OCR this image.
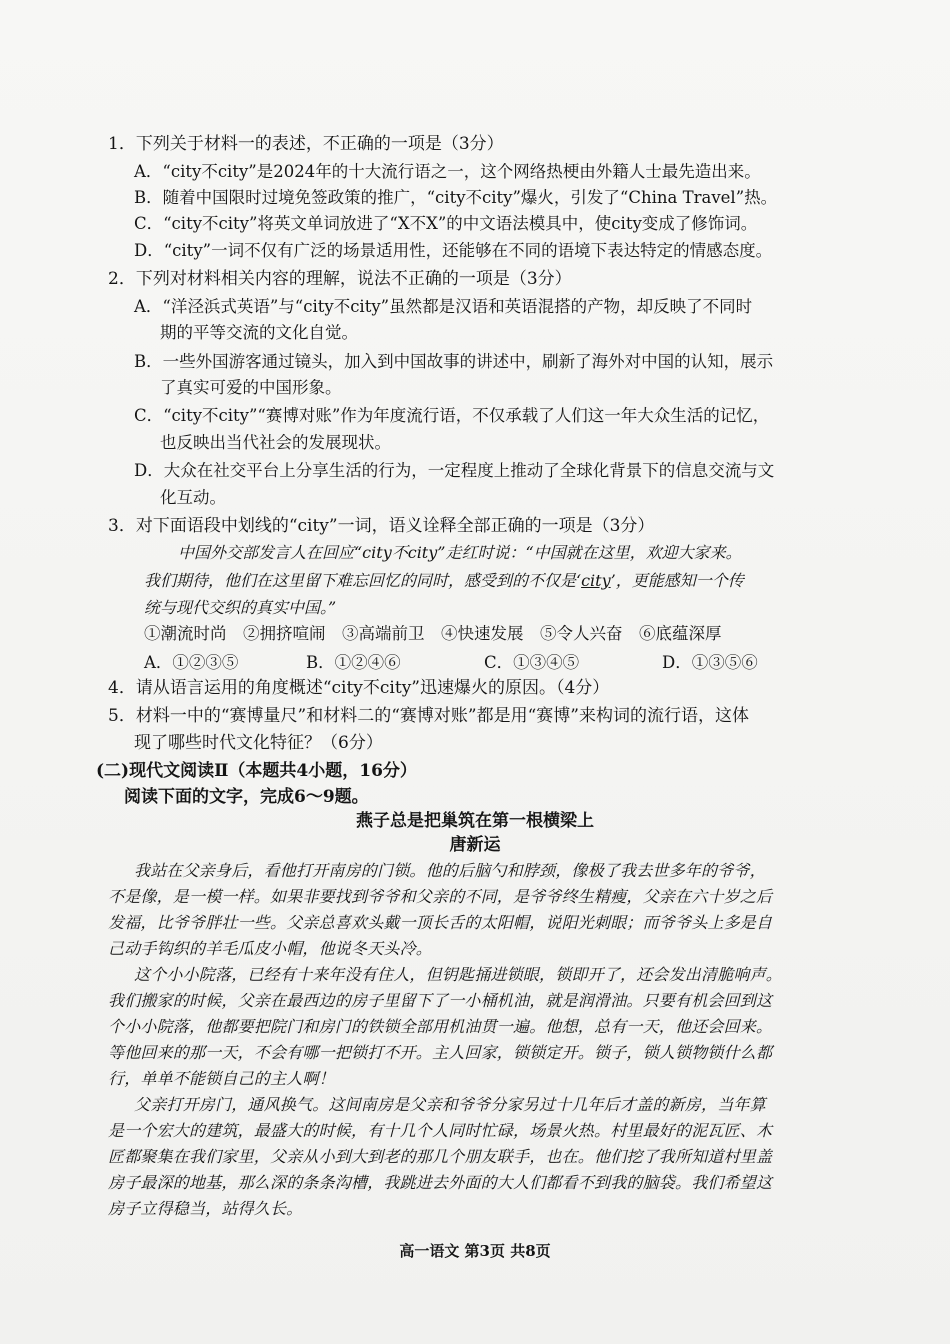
1．下列关于材料一的表述，不正确的一项是（3分）
A．“city不city”是2024年的十大流行语之一，这个网络热梗由外籍人士最先造出来。
B．随着中国限时过境免签政策的推广，“city不city”爆火，引发了“China Travel”热。
C．“city不city”将英文单词放进了“X不X”的中文语法模具中，使city变成了修饰词。
D．“city”一词不仅有广泛的场景适用性，还能够在不同的语境下表达特定的情感态度。
2．下列对材料相关内容的理解，说法不正确的一项是（3分）
A．“洋泾浜式英语”与“city不city”虽然都是汉语和英语混搭的产物，却反映了不同时
期的平等交流的文化自觉。
B．一些外国游客通过镜头，加入到中国故事的讲述中，刷新了海外对中国的认知，展示
了真实可爱的中国形象。
C．“city不city”“赛博对账”作为年度流行语，不仅承载了人们这一年大众生活的记忆，
也反映出当代社会的发展现状。
D．大众在社交平台上分享生活的行为，一定程度上推动了全球化背景下的信息交流与文
化互动。
3．对下面语段中划线的“city”一词，语义诠释全部正确的一项是（3分）
中国外交部发言人在回应“city不city”走红时说：“中国就在这里，欢迎大家来。
我们期待，他们在这里留下难忘回忆的同时，感受到的不仅是‘city’，更能感知一个传
统与现代交织的真实中国。”
①潮流时尚　②拥挤喧闹　③高端前卫　④快速发展　⑤令人兴奋　⑥底蕴深厚
A．①②③⑤	B．①②④⑥	C．①③④⑤	D．①③⑤⑥
4．请从语言运用的角度概述“city不city”迅速爆火的原因。（4分）
5．材料一中的“赛博量尺”和材料二的“赛博对账”都是用“赛博”来构词的流行语，这体
现了哪些时代文化特征？（6分）
(二)现代文阅读Ⅱ（本题共4小题，16分）
阅读下面的文字，完成6～9题。
燕子总是把巢筑在第一根横梁上
唐新运
我站在父亲身后，看他打开南房的门锁。他的后脑勺和脖颈，像极了我去世多年的爷爷，
不是像，是一模一样。如果非要找到爷爷和父亲的不同，是爷爷终生精瘦，父亲在六十岁之后
发福，比爷爷胖壮一些。父亲总喜欢头戴一顶长舌的太阳帽，说阳光刺眼；而爷爷头上多是自
己动手钩织的羊毛瓜皮小帽，他说冬天头冷。
这个小小院落，已经有十来年没有住人，但钥匙捅进锁眼，锁即开了，还会发出清脆响声。
我们搬家的时候，父亲在最西边的房子里留下了一小桶机油，就是润滑油。只要有机会回到这
个小小院落，他都要把院门和房门的铁锁全部用机油贯一遍。他想，总有一天，他还会回来。
等他回来的那一天，不会有哪一把锁打不开。主人回家，锁锁定开。锁子，锁人锁物锁什么都
行，单单不能锁自己的主人啊！
父亲打开房门，通风换气。这间南房是父亲和爷爷分家另过十几年后才盖的新房，当年算
是一个宏大的建筑，最盛大的时候，有十几个人同时忙碌，场景火热。村里最好的泥瓦匠、木
匠都聚集在我们家里，父亲从小到大到老的那几个朋友联手，也在。他们挖了我所知道村里盖
房子最深的地基，那么深的条条沟槽，我跳进去外面的大人们都看不到我的脑袋。我们希望这
房子立得稳当，站得久长。
高一语文 第3页 共8页
